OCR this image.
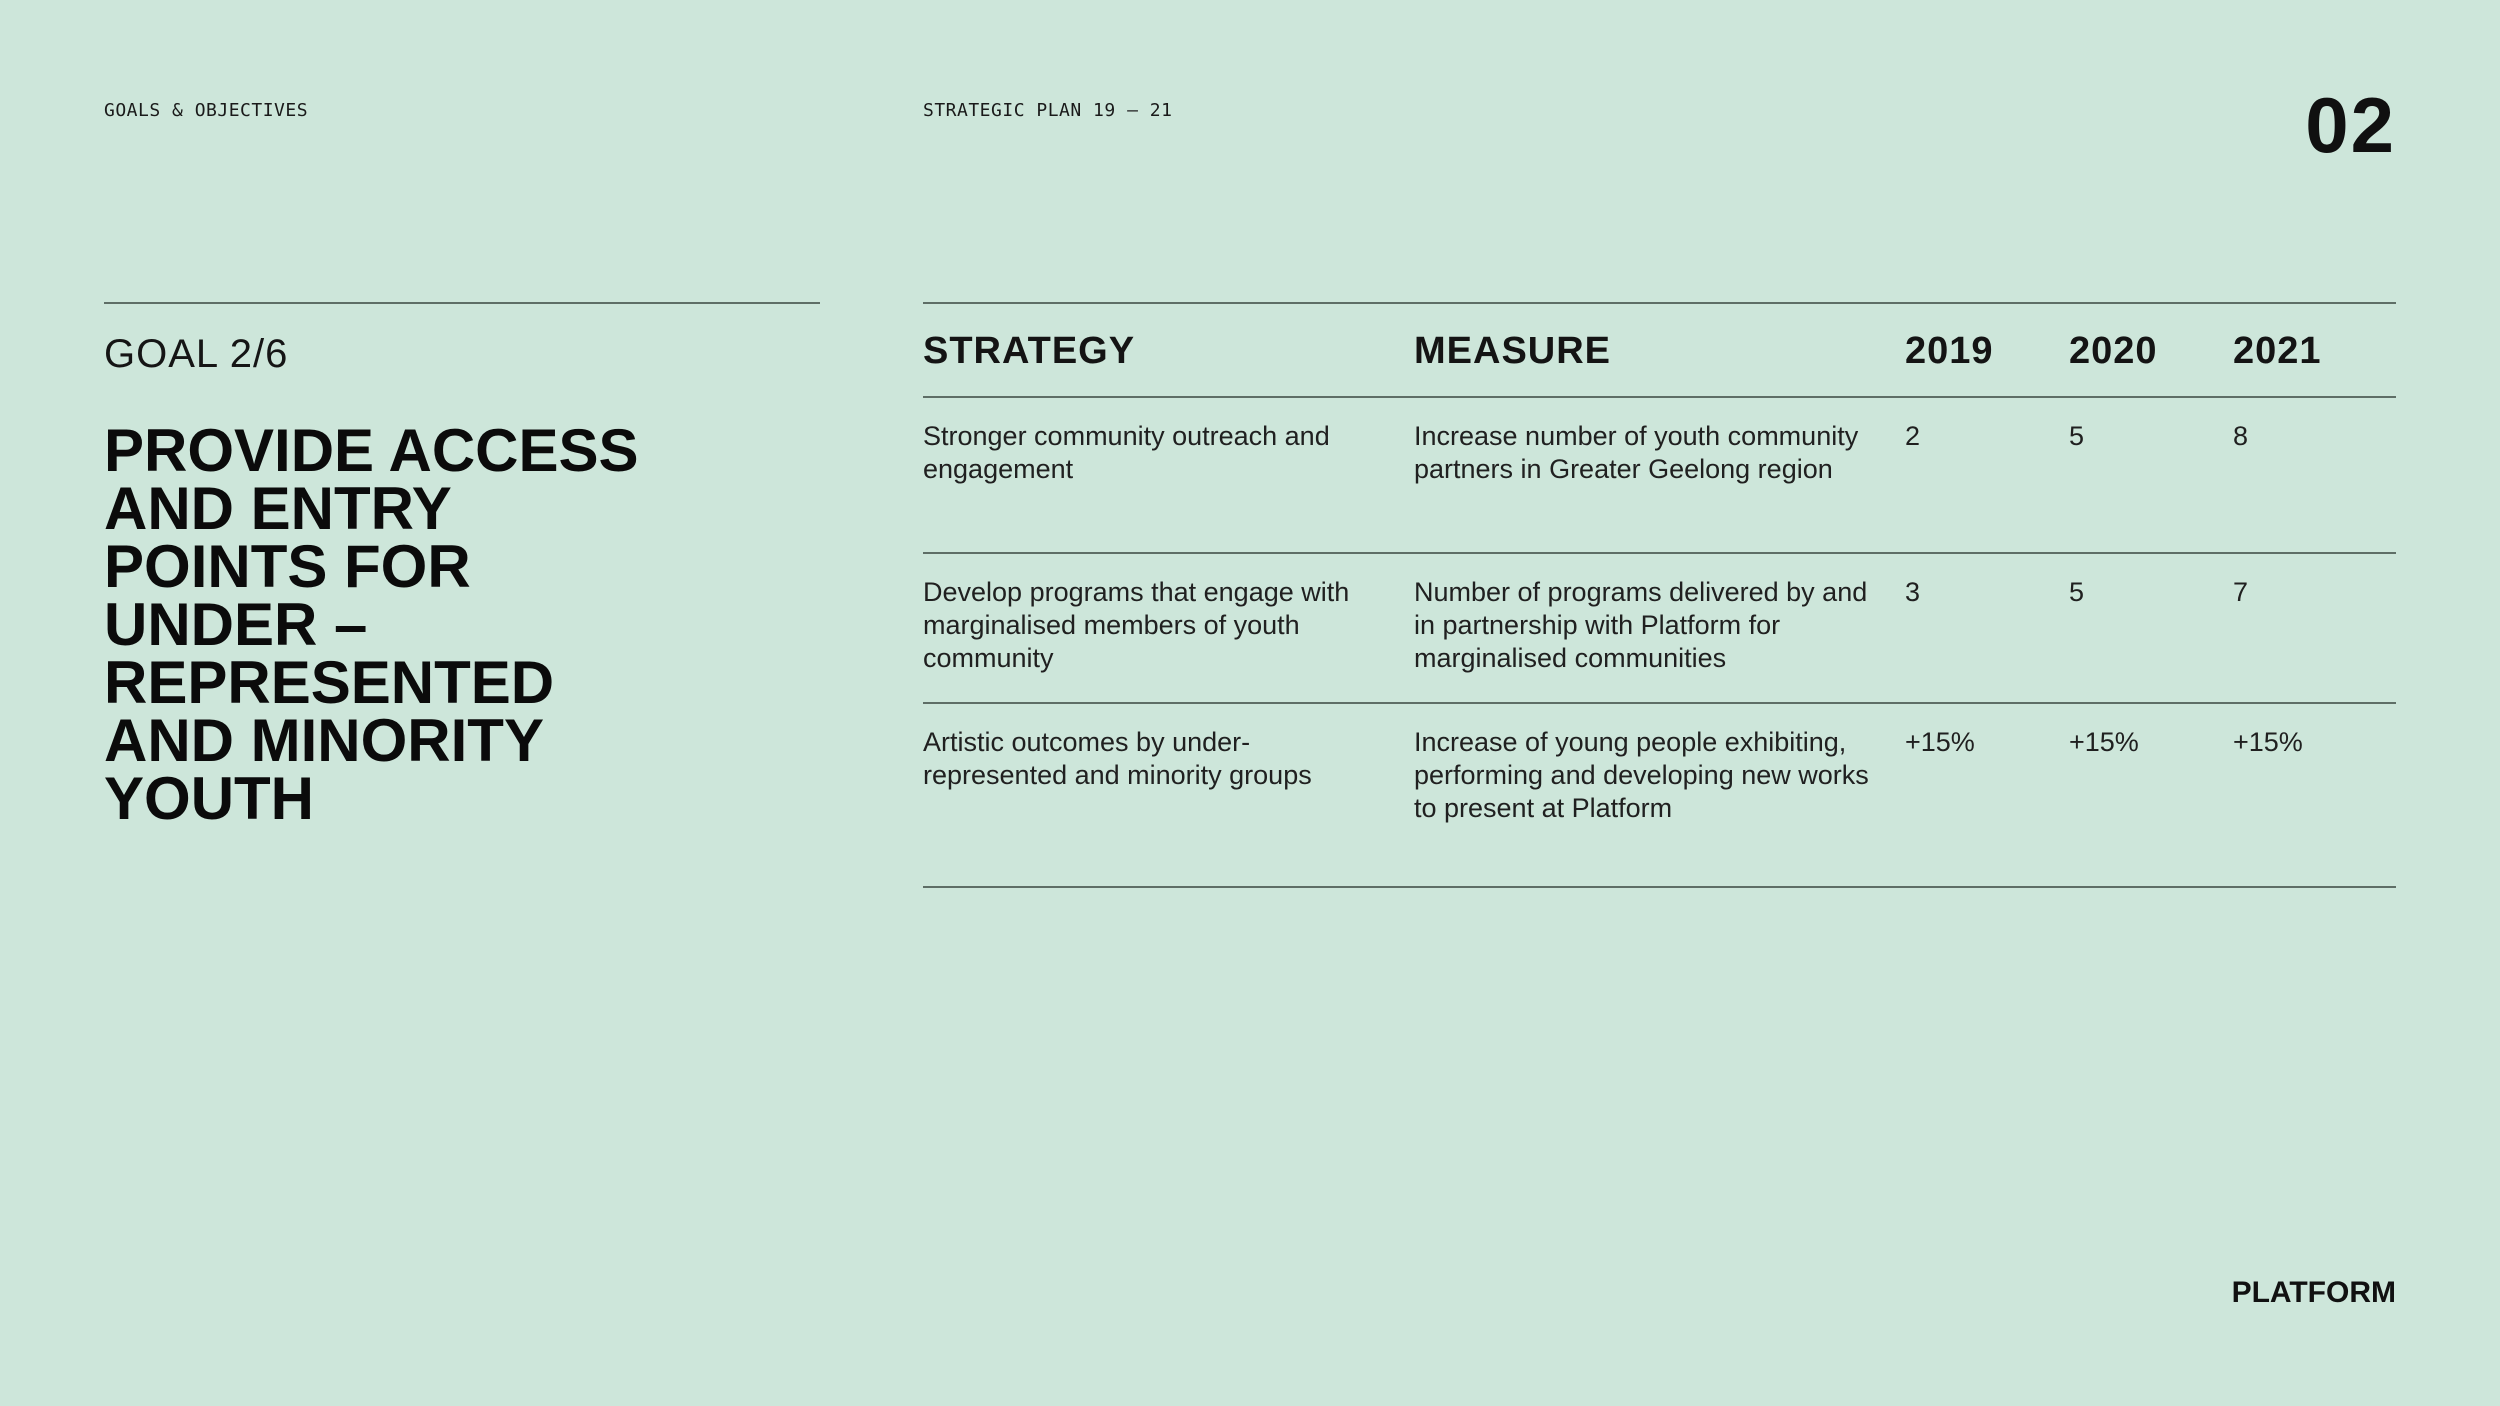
GOALS & OBJECTIVES	STRATEGIC PLAN 19 — 21	02
GOAL 2/6
PROVIDE ACCESS AND ENTRY POINTS FOR UNDER – REPRESENTED AND MINORITY YOUTH
STRATEGY	MEASURE	2019	2020	2021
Stronger community outreach and engagement	Increase number of youth community partners in Greater Geelong region	2	5	8
Develop programs that engage with marginalised members of youth community	Number of programs delivered by and in partnership with Platform for marginalised communities	3	5	7
Artistic outcomes by under-represented and minority groups	Increase of young people exhibiting, performing and developing new works to present at Platform	+15%	+15%	+15%
PLATFORM
